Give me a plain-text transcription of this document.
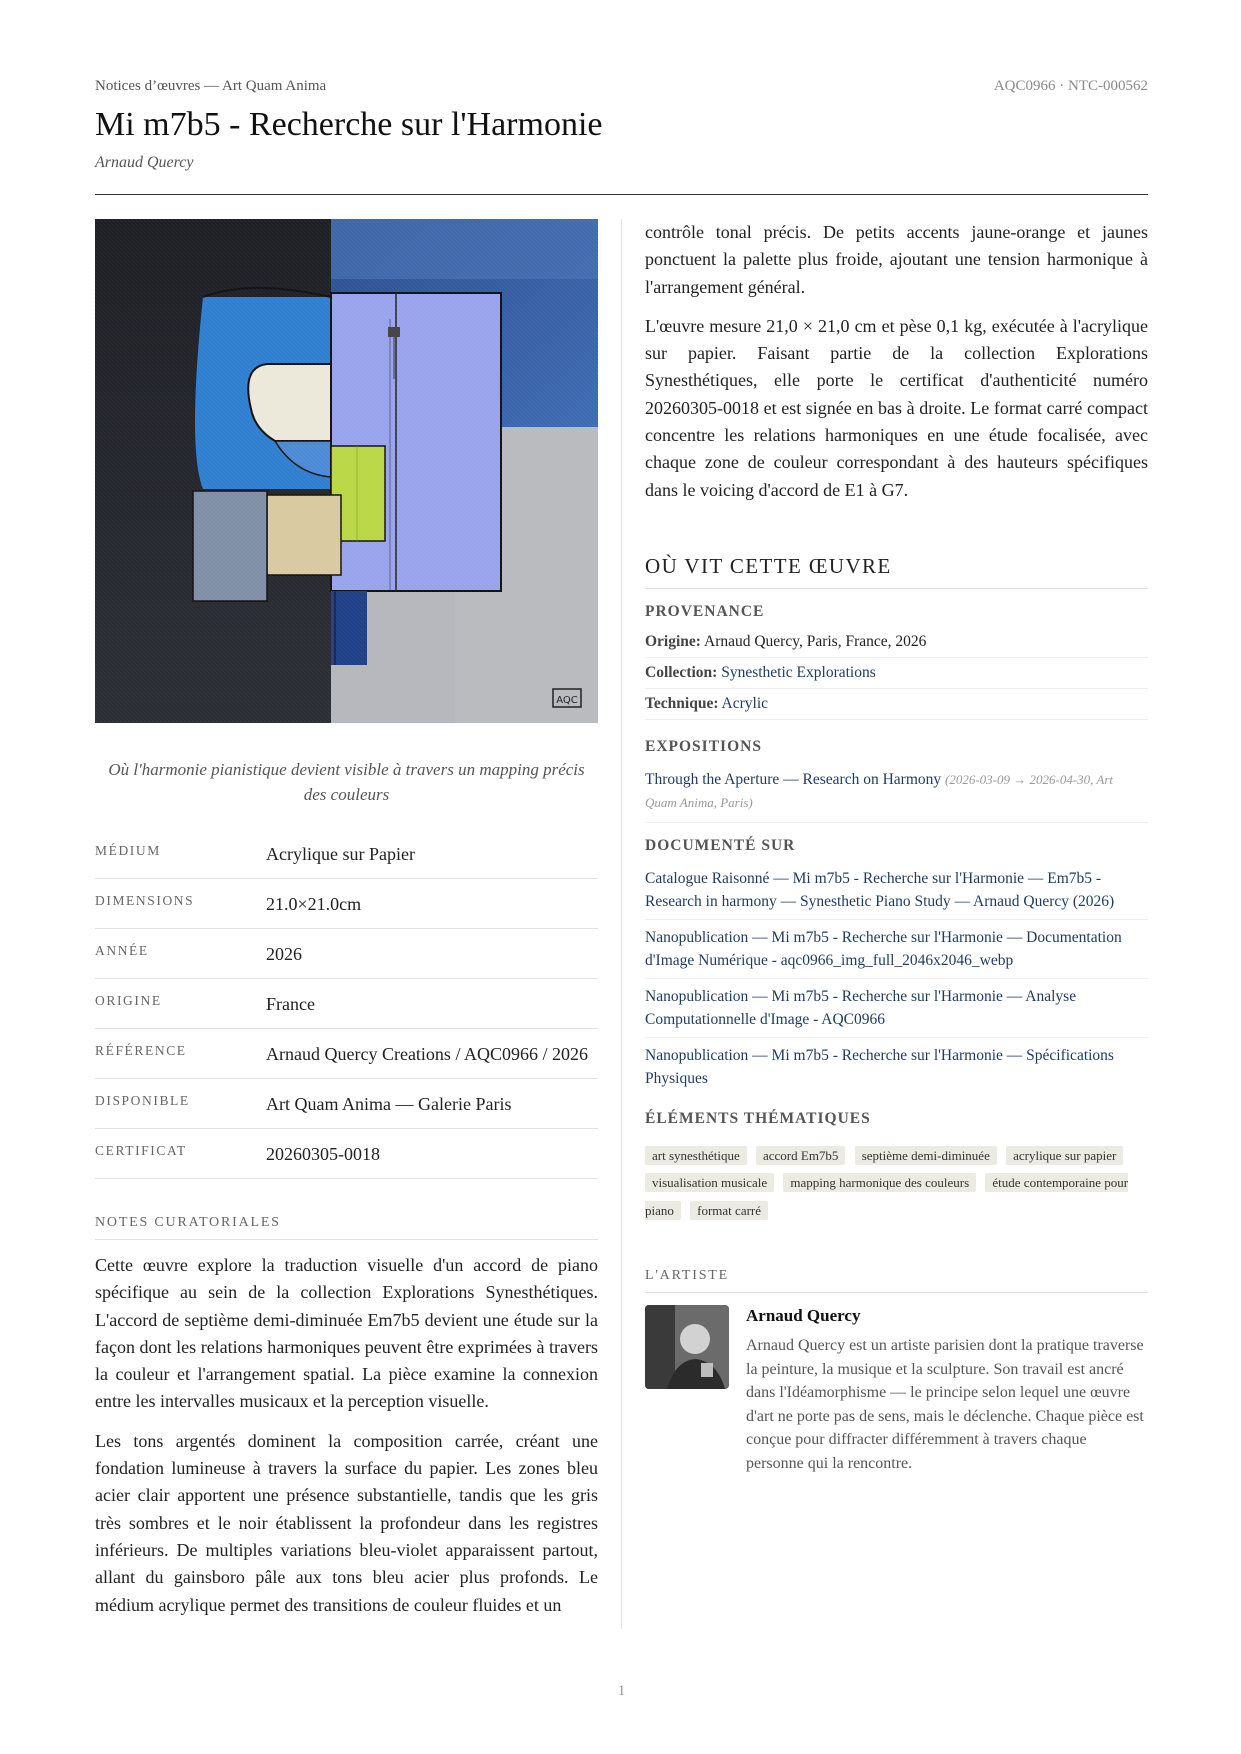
Notices d’œuvres — Art Quam Anima	AQC0966 · NTC-000562
Mi m7b5 - Recherche sur l'Harmonie
Arnaud Quercy
AQC
Où l'harmonie pianistique devient visible à travers un mapping précis des couleurs
MÉDIUM	Acrylique sur Papier
DIMENSIONS	21.0×21.0cm
ANNÉE	2026
ORIGINE	France
RÉFÉRENCE	Arnaud Quercy Creations / AQC0966 / 2026
DISPONIBLE	Art Quam Anima — Galerie Paris
CERTIFICAT	20260305-0018
NOTES CURATORIALES

Cette œuvre explore la traduction visuelle d'un accord de piano spécifique au sein de la collection Explorations Synesthétiques. L'accord de septième demi-diminuée Em7b5 devient une étude sur la façon dont les relations harmoniques peuvent être exprimées à travers la couleur et l'arrangement spatial. La pièce examine la connexion entre les intervalles musicaux et la perception visuelle.

Les tons argentés dominent la composition carrée, créant une fondation lumineuse à travers la surface du papier. Les zones bleu acier clair apportent une présence substantielle, tandis que les gris très sombres et le noir établissent la profondeur dans les registres inférieurs. De multiples variations bleu-violet apparaissent partout, allant du gainsboro pâle aux tons bleu acier plus profonds. Le médium acrylique permet des transitions de couleur fluides et un

contrôle tonal précis. De petits accents jaune-orange et jaunes ponctuent la palette plus froide, ajoutant une tension harmonique à l'arrangement général.

L'œuvre mesure 21,0 × 21,0 cm et pèse 0,1 kg, exécutée à l'acrylique sur papier. Faisant partie de la collection Explorations Synesthétiques, elle porte le certificat d'authenticité numéro 20260305-0018 et est signée en bas à droite. Le format carré compact concentre les relations harmoniques en une étude focalisée, avec chaque zone de couleur correspondant à des hauteurs spécifiques dans le voicing d'accord de E1 à G7.

OÙ VIT CETTE ŒUVRE
PROVENANCE
Origine: Arnaud Quercy, Paris, France, 2026
Collection: Synesthetic Explorations
Technique: Acrylic
EXPOSITIONS
Through the Aperture — Research on Harmony (2026-03-09 → 2026-04-30, Art Quam Anima, Paris)
DOCUMENTÉ SUR
Catalogue Raisonné — Mi m7b5 - Recherche sur l'Harmonie — Em7b5 - Research in harmony — Synesthetic Piano Study — Arnaud Quercy (2026)
Nanopublication — Mi m7b5 - Recherche sur l'Harmonie — Documentation d'Image Numérique - aqc0966_img_full_2046x2046_webp
Nanopublication — Mi m7b5 - Recherche sur l'Harmonie — Analyse Computationnelle d'Image - AQC0966
Nanopublication — Mi m7b5 - Recherche sur l'Harmonie — Spécifications Physiques
ÉLÉMENTS THÉMATIQUES
art synesthétique accord Em7b5 septième demi-diminuée acrylique sur papier visualisation musicale mapping harmonique des couleurs étude contemporaine pour piano format carré
L'ARTISTE
Arnaud Quercy
Arnaud Quercy est un artiste parisien dont la pratique traverse la peinture, la musique et la sculpture. Son travail est ancré dans l'Idéamorphisme — le principe selon lequel une œuvre d'art ne porte pas de sens, mais le déclenche. Chaque pièce est conçue pour diffracter différemment à travers chaque personne qui la rencontre.
1
